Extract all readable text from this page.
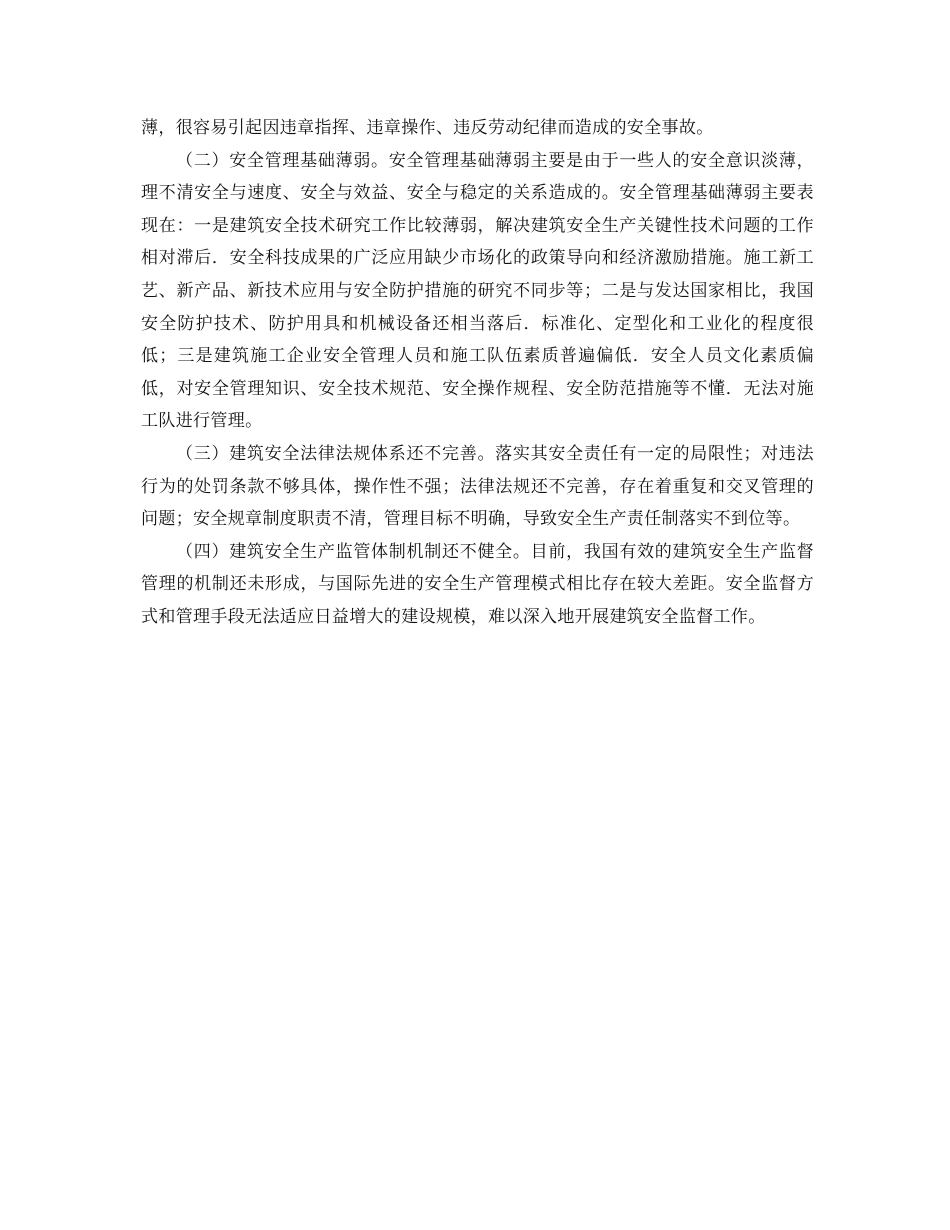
薄，很容易引起因违章指挥、违章操作、违反劳动纪律而造成的安全事故。

（二）安全管理基础薄弱。安全管理基础薄弱主要是由于一些人的安全意识淡薄，理不清安全与速度、安全与效益、安全与稳定的关系造成的。安全管理基础薄弱主要表现在：一是建筑安全技术研究工作比较薄弱，解决建筑安全生产关键性技术问题的工作相对滞后．安全科技成果的广泛应用缺少市场化的政策导向和经济激励措施。施工新工艺、新产品、新技术应用与安全防护措施的研究不同步等；二是与发达国家相比，我国安全防护技术、防护用具和机械设备还相当落后．标准化、定型化和工业化的程度很低；三是建筑施工企业安全管理人员和施工队伍素质普遍偏低．安全人员文化素质偏低，对安全管理知识、安全技术规范、安全操作规程、安全防范措施等不懂．无法对施工队进行管理。

（三）建筑安全法律法规体系还不完善。落实其安全责任有一定的局限性；对违法行为的处罚条款不够具体，操作性不强；法律法规还不完善，存在着重复和交叉管理的问题；安全规章制度职责不清，管理目标不明确，导致安全生产责任制落实不到位等。

（四）建筑安全生产监管体制机制还不健全。目前，我国有效的建筑安全生产监督管理的机制还未形成，与国际先进的安全生产管理模式相比存在较大差距。安全监督方式和管理手段无法适应日益增大的建设规模，难以深入地开展建筑安全监督工作。
